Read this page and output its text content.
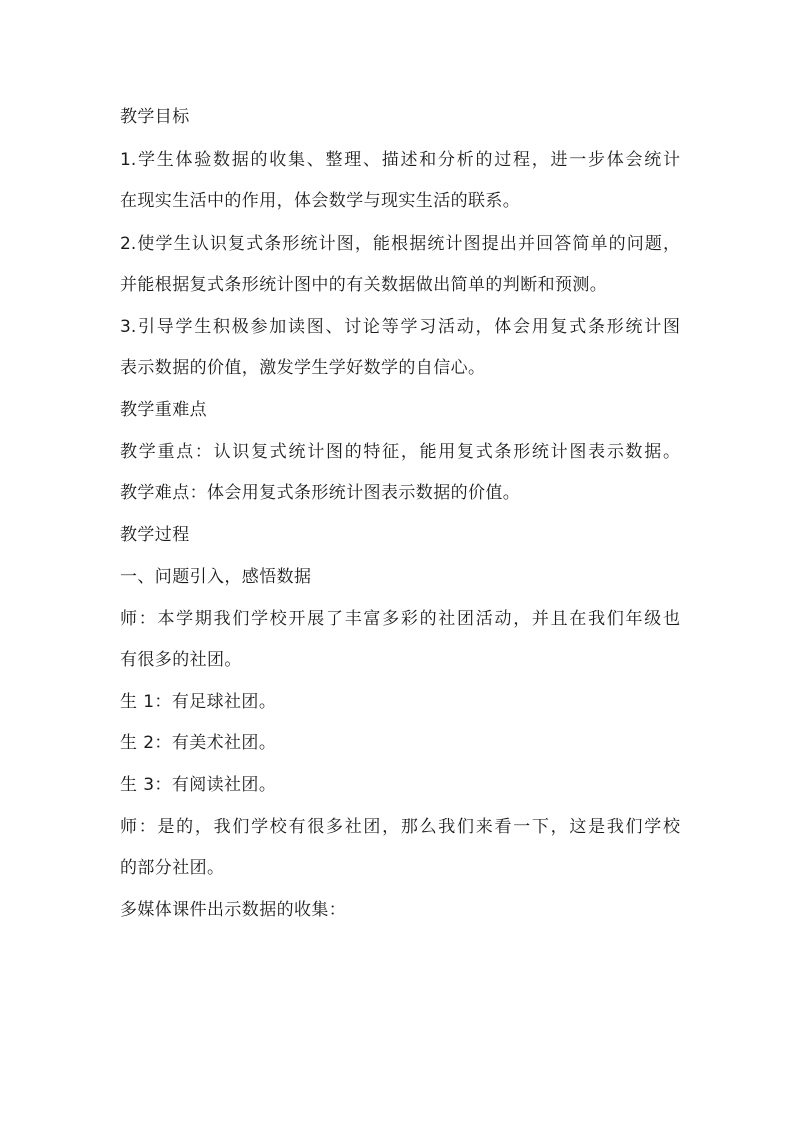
教学目标
1.学生体验数据的收集、整理、描述和分析的过程，进一步体会统计
在现实生活中的作用，体会数学与现实生活的联系。
2.使学生认识复式条形统计图，能根据统计图提出并回答简单的问题，
并能根据复式条形统计图中的有关数据做出简单的判断和预测。
3.引导学生积极参加读图、讨论等学习活动，体会用复式条形统计图
表示数据的价值，激发学生学好数学的自信心。
教学重难点
教学重点：认识复式统计图的特征，能用复式条形统计图表示数据。
教学难点：体会用复式条形统计图表示数据的价值。
教学过程
一、问题引入，感悟数据
师：本学期我们学校开展了丰富多彩的社团活动，并且在我们年级也
有很多的社团。
生 1：有足球社团。
生 2：有美术社团。
生 3：有阅读社团。
师：是的，我们学校有很多社团，那么我们来看一下，这是我们学校
的部分社团。
多媒体课件出示数据的收集：
